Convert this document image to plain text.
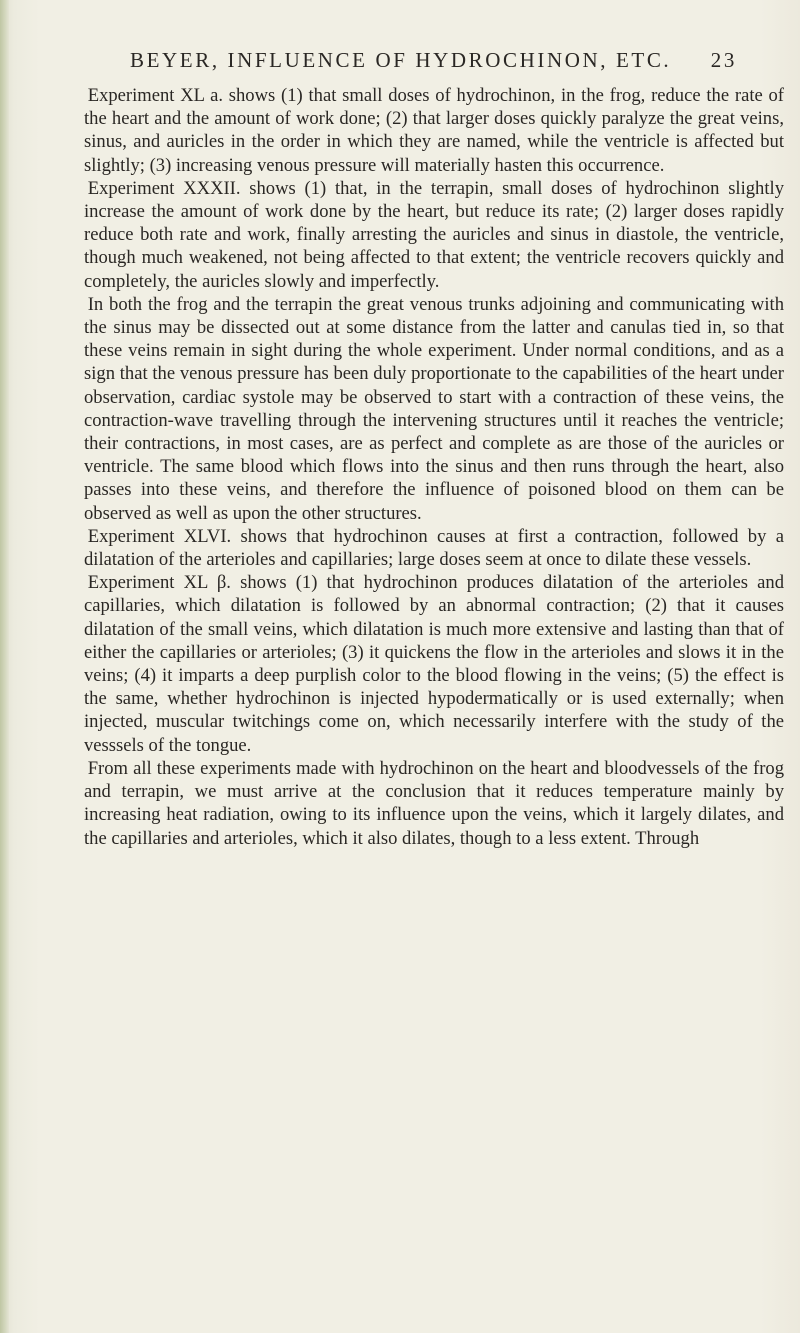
BEYER, INFLUENCE OF HYDROCHINON, ETC. 23

Experiment XL a. shows (1) that small doses of hydrochinon, in the frog, reduce the rate of the heart and the amount of work done; (2) that larger doses quickly paralyze the great veins, sinus, and auricles in the order in which they are named, while the ventricle is affected but slightly; (3) increasing venous pressure will materially hasten this occurrence.

Experiment XXXII. shows (1) that, in the terrapin, small doses of hydrochinon slightly increase the amount of work done by the heart, but reduce its rate; (2) larger doses rapidly reduce both rate and work, finally arresting the auricles and sinus in diastole, the ventricle, though much weakened, not being affected to that extent; the ventricle recovers quickly and completely, the auricles slowly and imperfectly.

In both the frog and the terrapin the great venous trunks adjoining and communicating with the sinus may be dissected out at some distance from the latter and canulas tied in, so that these veins remain in sight during the whole experiment. Under normal conditions, and as a sign that the venous pressure has been duly proportionate to the capabilities of the heart under observation, cardiac systole may be observed to start with a contraction of these veins, the contraction-wave travelling through the intervening structures until it reaches the ventricle; their contractions, in most cases, are as perfect and complete as are those of the auricles or ventricle. The same blood which flows into the sinus and then runs through the heart, also passes into these veins, and therefore the influence of poisoned blood on them can be observed as well as upon the other structures.

Experiment XLVI. shows that hydrochinon causes at first a contraction, followed by a dilatation of the arterioles and capillaries; large doses seem at once to dilate these vessels.

Experiment XL β. shows (1) that hydrochinon produces dilatation of the arterioles and capillaries, which dilatation is followed by an abnormal contraction; (2) that it causes dilatation of the small veins, which dilatation is much more extensive and lasting than that of either the capillaries or arterioles; (3) it quickens the flow in the arterioles and slows it in the veins; (4) it imparts a deep purplish color to the blood flowing in the veins; (5) the effect is the same, whether hydrochinon is injected hypodermatically or is used externally; when injected, muscular twitchings come on, which necessarily interfere with the study of the vesssels of the tongue.

From all these experiments made with hydrochinon on the heart and bloodvessels of the frog and terrapin, we must arrive at the conclusion that it reduces temperature mainly by increasing heat radiation, owing to its influence upon the veins, which it largely dilates, and the capillaries and arterioles, which it also dilates, though to a less extent. Through
